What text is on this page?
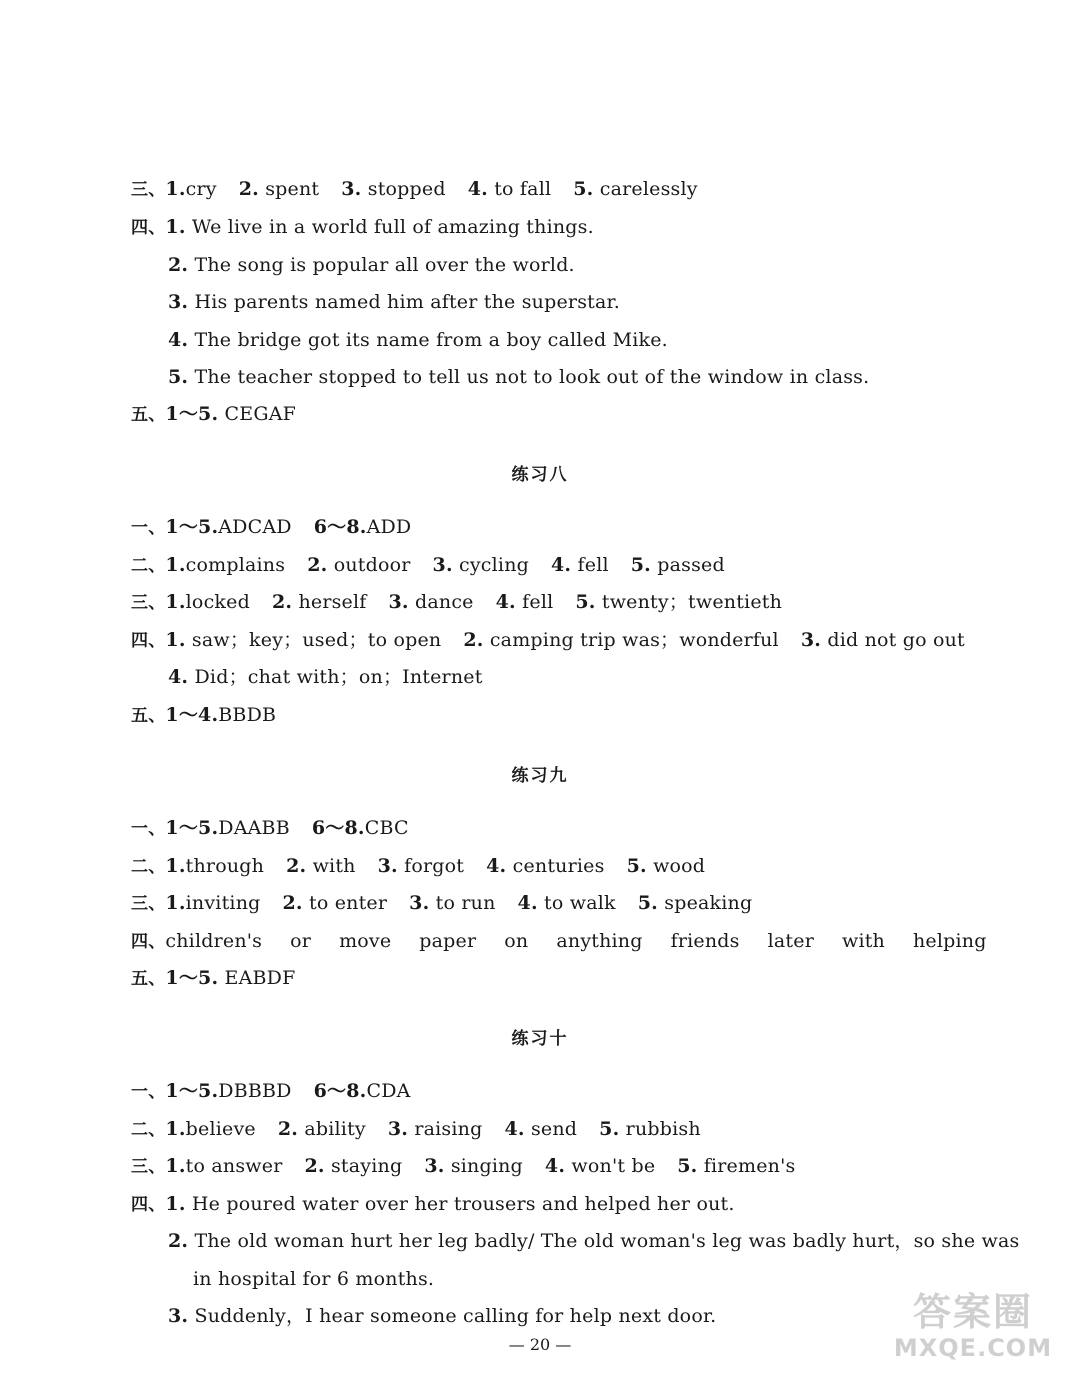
三、1.cry 2. spent 3. stopped 4. to fall 5. carelessly
四、1. We live in a world full of amazing things.
2. The song is popular all over the world.
3. His parents named him after the superstar.
4. The bridge got its name from a boy called Mike.
5. The teacher stopped to tell us not to look out of the window in class.
五、1～5. CEGAF
练习八
一、1～5.ADCAD 6～8.ADD
二、1.complains 2. outdoor 3. cycling 4. fell 5. passed
三、1.locked 2. herself 3. dance 4. fell 5. twenty；twentieth
四、1. saw；key；used；to open 2. camping trip was；wonderful 3. did not go out
4. Did；chat with；on；Internet
五、1～4.BBDB
练习九
一、1～5.DAABB 6～8.CBC
二、1.through 2. with 3. forgot 4. centuries 5. wood
三、1.inviting 2. to enter 3. to run 4. to walk 5. speaking
四、children's or move paper on anything friends later with helping
五、1～5. EABDF
练习十
一、1～5.DBBBD 6～8.CDA
二、1.believe 2. ability 3. raising 4. send 5. rubbish
三、1.to answer 2. staying 3. singing 4. won't be 5. firemen's
四、1. He poured water over her trousers and helped her out.
2. The old woman hurt her leg badly/ The old woman's leg was badly hurt，so she was
in hospital for 6 months.
3. Suddenly，I hear someone calling for help next door.
— 20 —
答案圈
MXQE.COM
